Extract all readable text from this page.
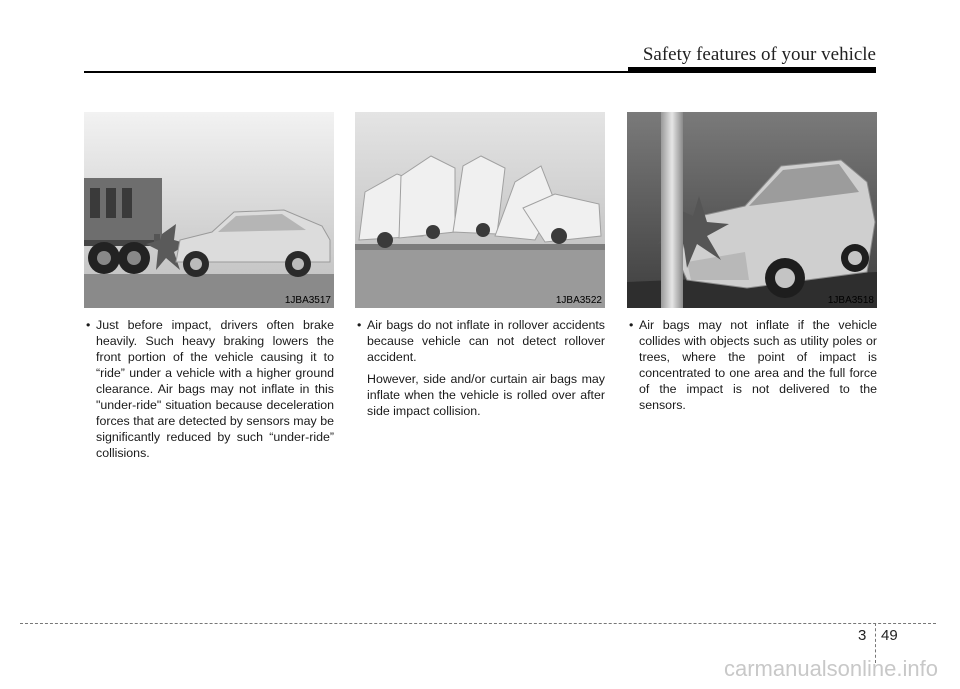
Safety features of your vehicle
1JBA3517	1JBA3522	1JBA3518

• Just before impact, drivers often brake heavily. Such heavy braking lowers the front portion of the vehicle causing it to “ride” under a vehicle with a higher ground clearance. Air bags may not inflate in this "under-ride" situation because deceleration forces that are detected by sensors may be significantly reduced by such “under-ride” collisions.

• Air bags do not inflate in rollover accidents because vehicle can not detect rollover accident.

However, side and/or curtain air bags may inflate when the vehicle is rolled over after side impact collision.

• Air bags may not inflate if the vehicle collides with objects such as utility poles or trees, where the point of impact is concentrated to one area and the full force of the impact is not delivered to the sensors.

3 49
carmanualsonline.info
